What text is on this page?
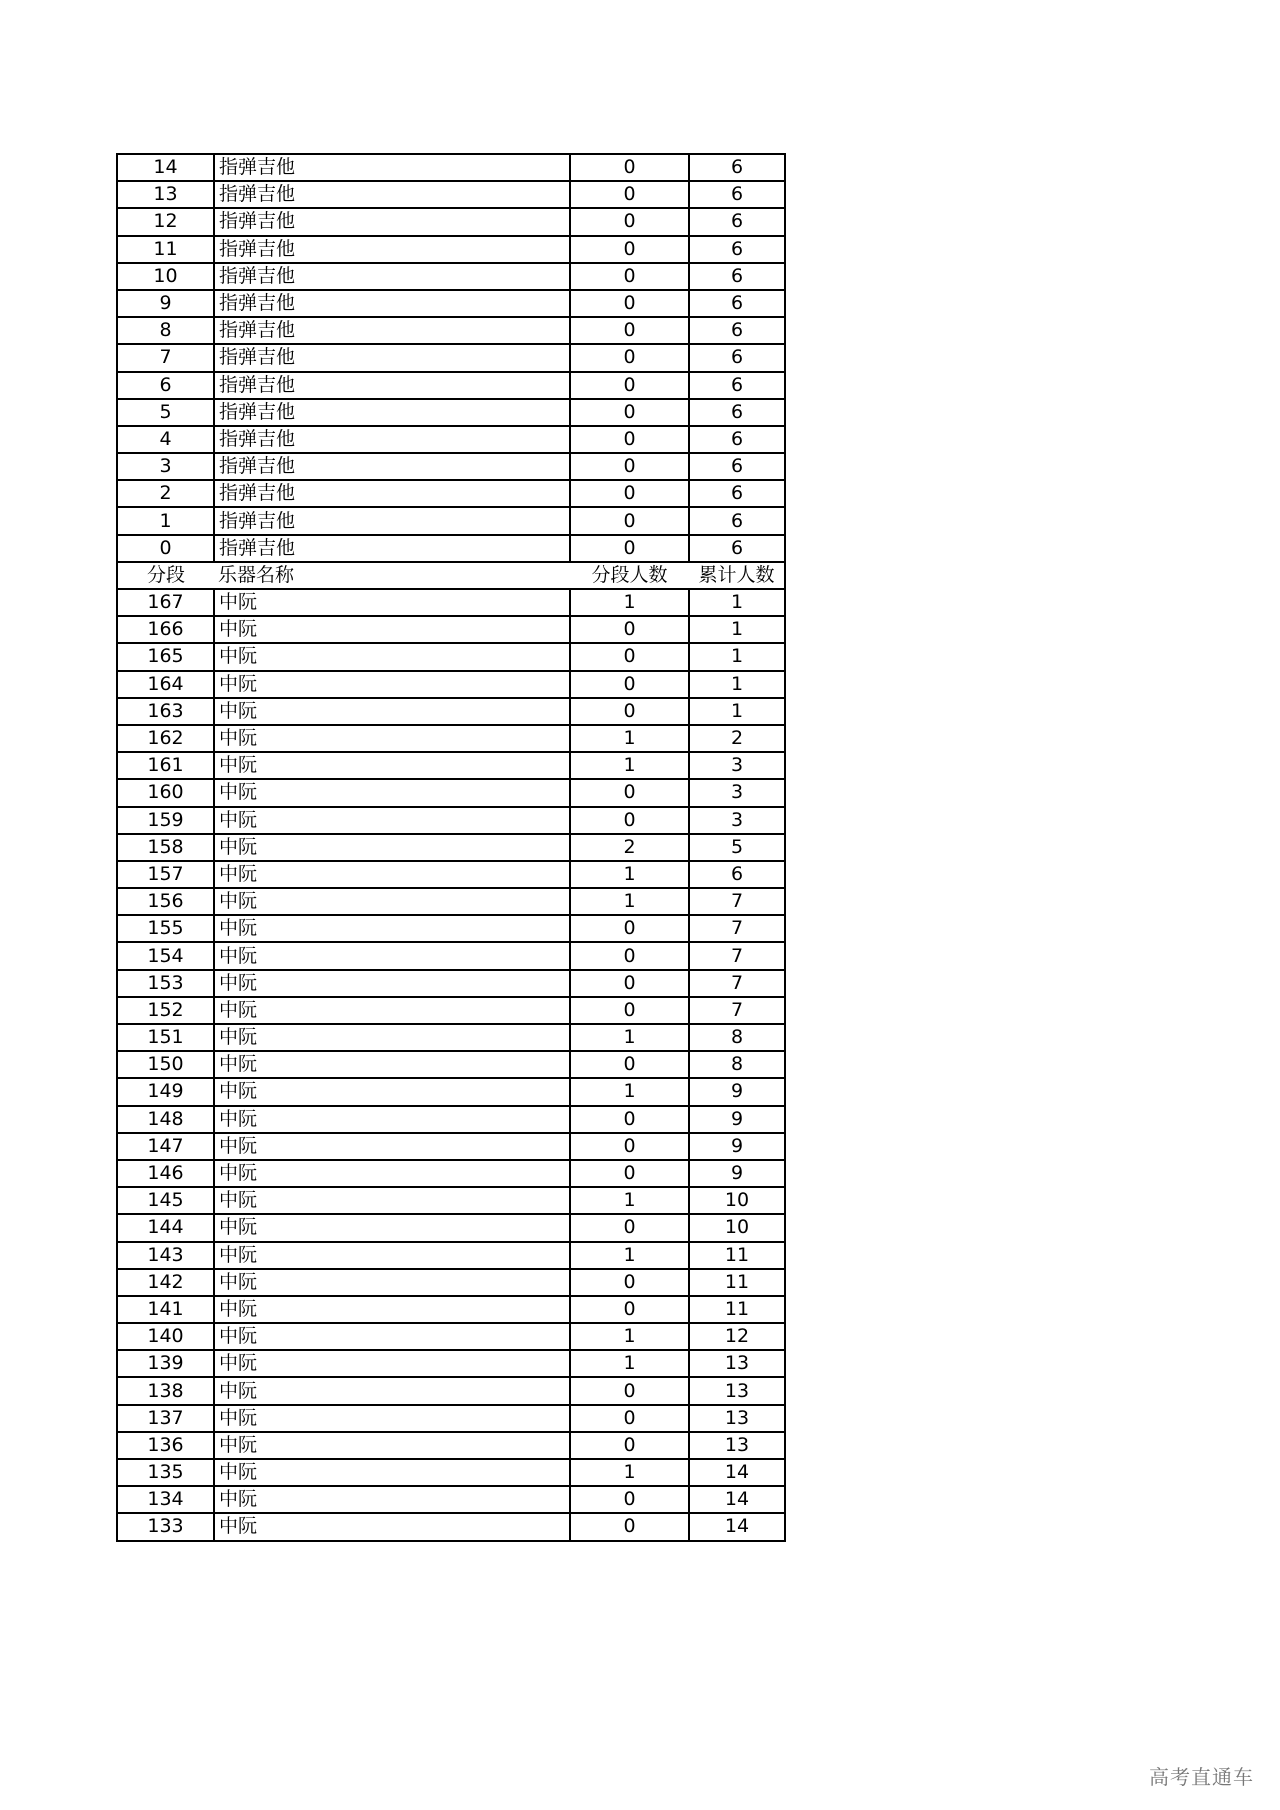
14	指弹吉他	0	6
13	指弹吉他	0	6
12	指弹吉他	0	6
11	指弹吉他	0	6
10	指弹吉他	0	6
9	指弹吉他	0	6
8	指弹吉他	0	6
7	指弹吉他	0	6
6	指弹吉他	0	6
5	指弹吉他	0	6
4	指弹吉他	0	6
3	指弹吉他	0	6
2	指弹吉他	0	6
1	指弹吉他	0	6
0	指弹吉他	0	6
分段	乐器名称	分段人数	累计人数
167	中阮	1	1
166	中阮	0	1
165	中阮	0	1
164	中阮	0	1
163	中阮	0	1
162	中阮	1	2
161	中阮	1	3
160	中阮	0	3
159	中阮	0	3
158	中阮	2	5
157	中阮	1	6
156	中阮	1	7
155	中阮	0	7
154	中阮	0	7
153	中阮	0	7
152	中阮	0	7
151	中阮	1	8
150	中阮	0	8
149	中阮	1	9
148	中阮	0	9
147	中阮	0	9
146	中阮	0	9
145	中阮	1	10
144	中阮	0	10
143	中阮	1	11
142	中阮	0	11
141	中阮	0	11
140	中阮	1	12
139	中阮	1	13
138	中阮	0	13
137	中阮	0	13
136	中阮	0	13
135	中阮	1	14
134	中阮	0	14
133	中阮	0	14
高考直通车
